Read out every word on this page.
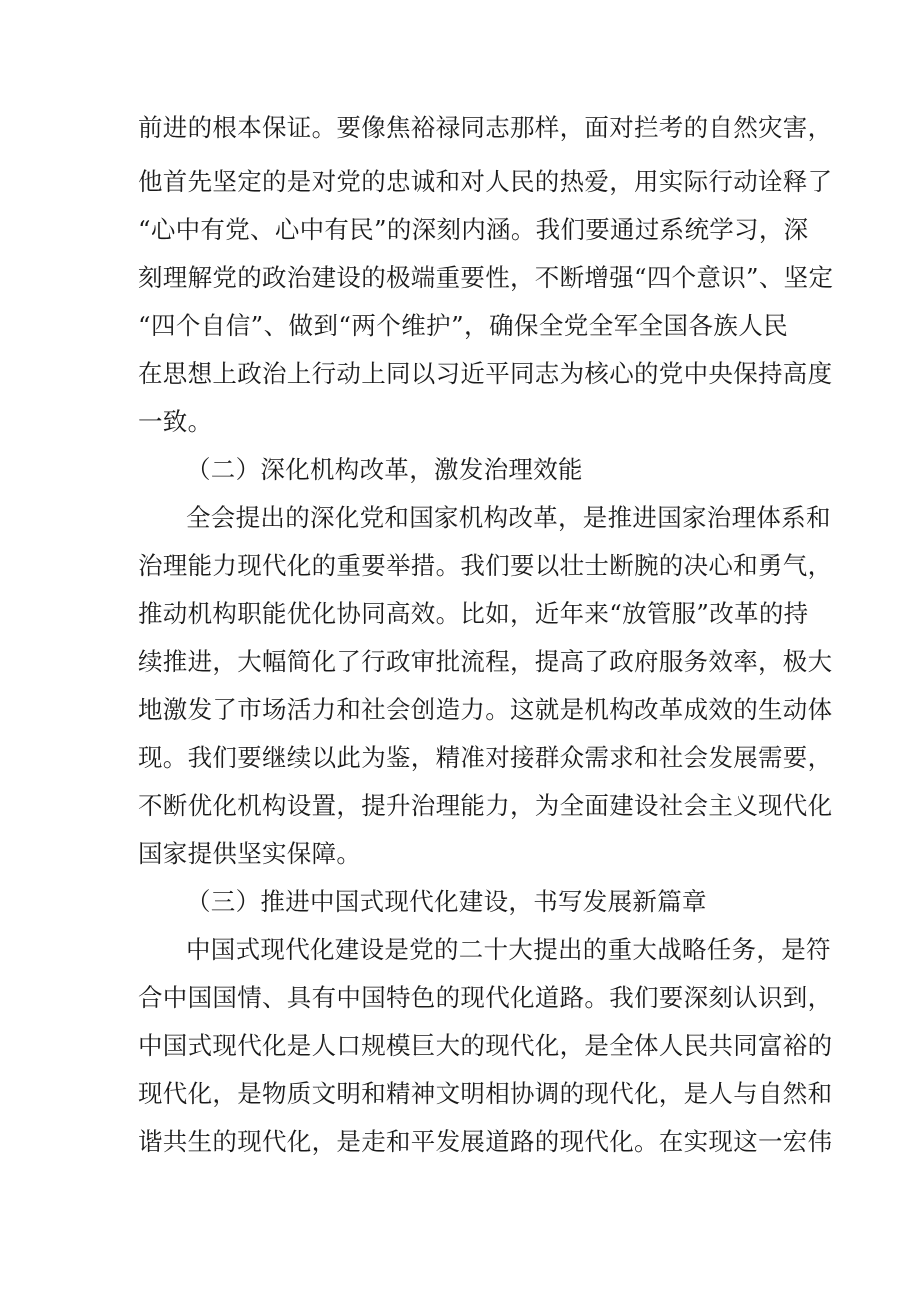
前进的根本保证。要像焦裕禄同志那样，面对拦考的自然灾害，
他首先坚定的是对党的忠诚和对人民的热爱，用实际行动诠释了
“心中有党、心中有民”的深刻内涵。我们要通过系统学习，深
刻理解党的政治建设的极端重要性，不断增强“四个意识”、坚定
“四个自信”、做到“两个维护”，确保全党全军全国各族人民
在思想上政治上行动上同以习近平同志为核心的党中央保持高度
一致。
（二）深化机构改革，激发治理效能
全会提出的深化党和国家机构改革，是推进国家治理体系和
治理能力现代化的重要举措。我们要以壮士断腕的决心和勇气，
推动机构职能优化协同高效。比如，近年来“放管服”改革的持
续推进，大幅简化了行政审批流程，提高了政府服务效率，极大
地激发了市场活力和社会创造力。这就是机构改革成效的生动体
现。我们要继续以此为鉴，精准对接群众需求和社会发展需要，
不断优化机构设置，提升治理能力，为全面建设社会主义现代化
国家提供坚实保障。
（三）推进中国式现代化建设，书写发展新篇章
中国式现代化建设是党的二十大提出的重大战略任务，是符
合中国国情、具有中国特色的现代化道路。我们要深刻认识到，
中国式现代化是人口规模巨大的现代化，是全体人民共同富裕的
现代化，是物质文明和精神文明相协调的现代化，是人与自然和
谐共生的现代化，是走和平发展道路的现代化。在实现这一宏伟
